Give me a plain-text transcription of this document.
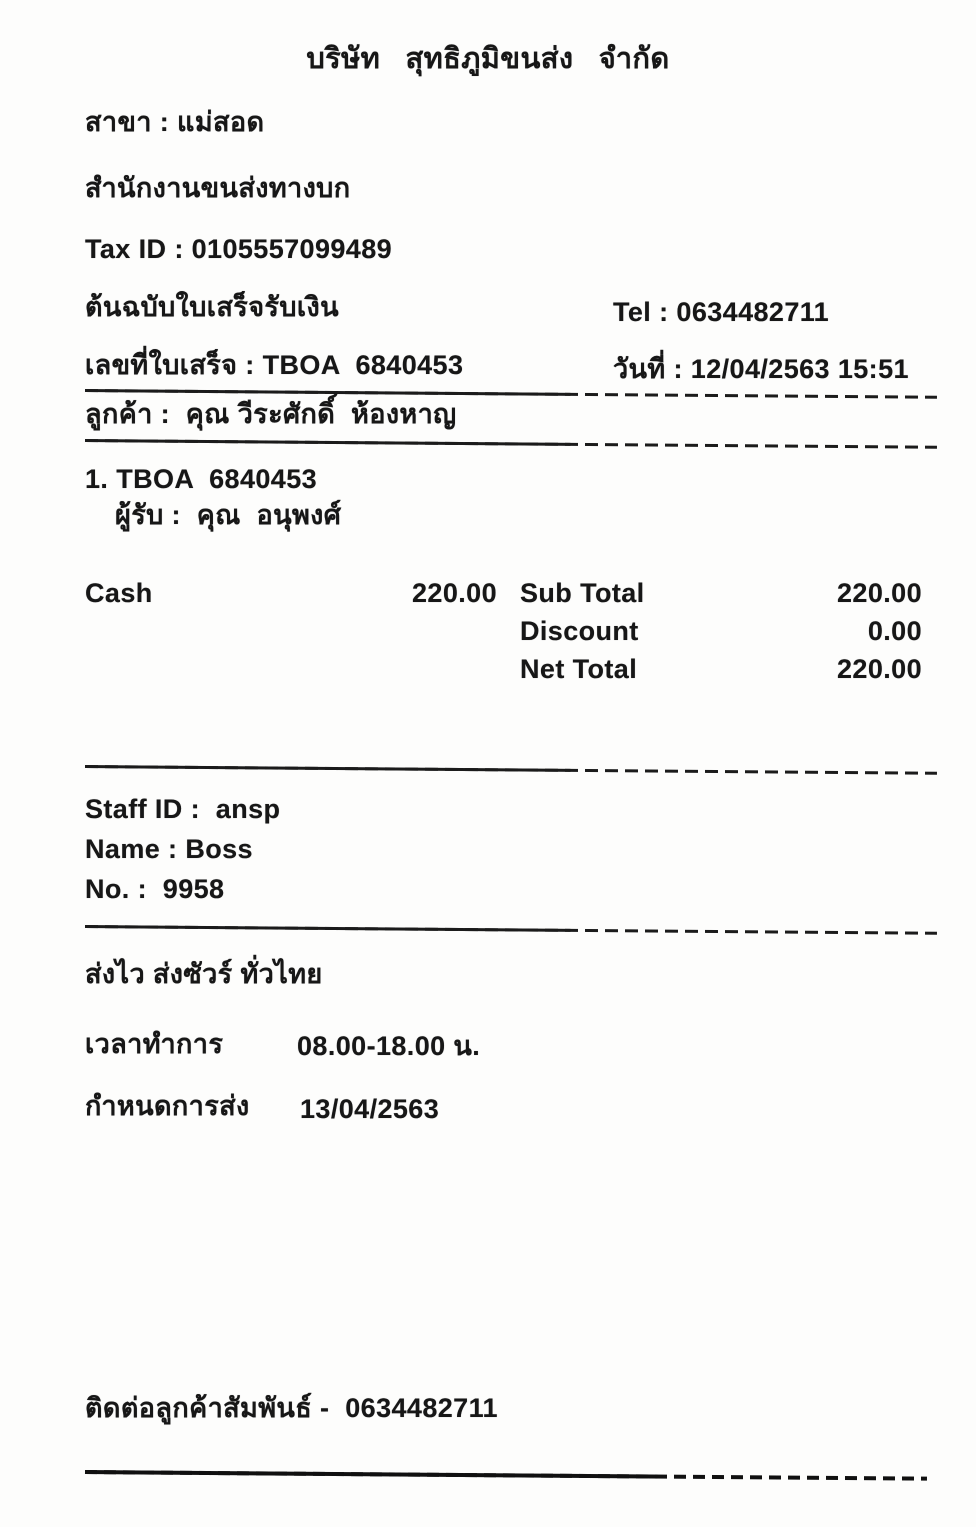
บริษัท   สุทธิภูมิขนส่ง   จำกัด
สาขา : แม่สอด
สำนักงานขนส่งทางบก
Tax ID : 0105557099489
ต้นฉบับใบเสร็จรับเงิน	Tel : 0634482711
เลขที่ใบเสร็จ : TBOA  6840453	วันที่ : 12/04/2563 15:51
ลูกค้า :  คุณ วีระศักดิ์  ห้องหาญ
1. TBOA  6840453
ผู้รับ :  คุณ  อนุพงศ์
Cash	220.00 Sub Total	220.00
Discount	0.00
Net Total	220.00
Staff ID :  ansp
Name : Boss
No. :  9958
ส่งไว ส่งซัวร์ ทั่วไทย
เวลาทำการ	08.00-18.00 น.
กำหนดการส่ง 13/04/2563
ติดต่อลูกค้าสัมพันธ์ -  0634482711
